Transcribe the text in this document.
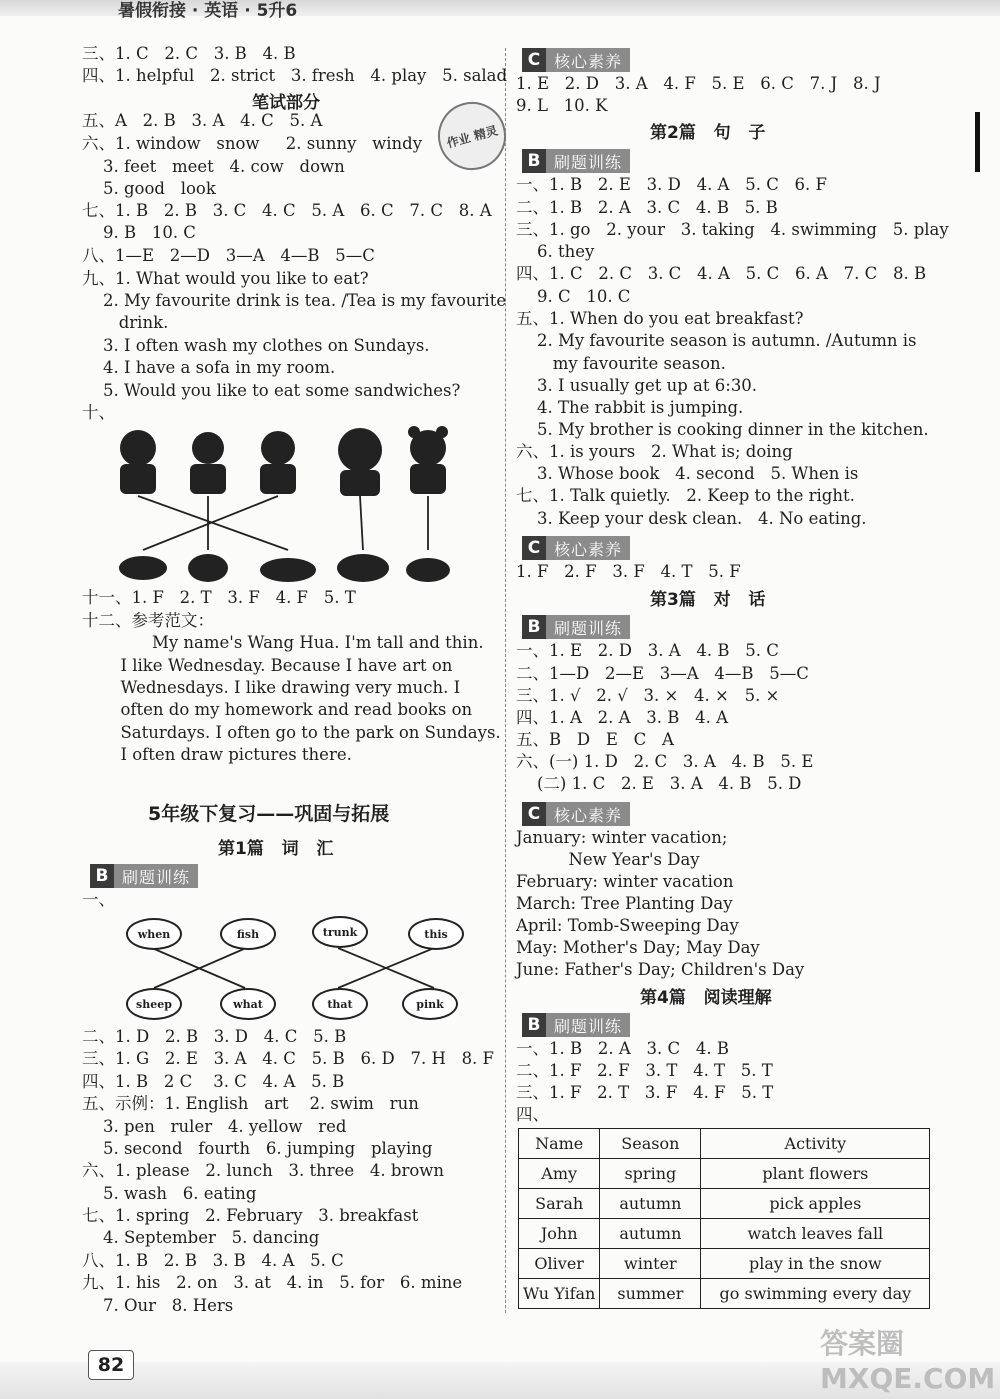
暑假衔接 · 英语 · 5升6
三、1. C   2. C   3. B   4. B
四、1. helpful   2. strict   3. fresh   4. play   5. salad
笔试部分
五、A   2. B   3. A   4. C   5. A
六、1. window   snow     2. sunny   windy
3. feet   meet   4. cow   down
5. good   look
七、1. B   2. B   3. C   4. C   5. A   6. C   7. C   8. A
9. B   10. C
八、1—E   2—D   3—A   4—B   5—C
九、1. What would you like to eat?
2. My favourite drink is tea. /Tea is my favourite
drink.
3. I often wash my clothes on Sundays.
4. I have a sofa in my room.
5. Would you like to eat some sandwiches?
十、
作业 精灵
十一、1. F   2. T   3. F   4. F   5. T
十二、参考范文：
My name's Wang Hua. I'm tall and thin.
I like Wednesday. Because I have art on
Wednesdays. I like drawing very much. I
often do my homework and read books on
Saturdays. I often go to the park on Sundays.
I often draw pictures there.
5年级下复习——巩固与拓展
第1篇   词   汇
B 刷题训练
一、
when	fish	trunk	this
sheep	what	that	pink
二、1. D   2. B   3. D   4. C   5. B
三、1. G   2. E   3. A   4. C   5. B   6. D   7. H   8. F
四、1. B   2 C    3. C   4. A   5. B
五、示例：1. English   art    2. swim   run
3. pen   ruler   4. yellow   red
5. second   fourth   6. jumping   playing
六、1. please   2. lunch   3. three   4. brown
5. wash   6. eating
七、1. spring   2. February   3. breakfast
4. September   5. dancing
八、1. B   2. B   3. B   4. A   5. C
九、1. his   2. on   3. at   4. in   5. for   6. mine
7. Our   8. Hers
C 核心素养
1. E   2. D   3. A   4. F   5. E   6. C   7. J   8. J
9. L   10. K
第2篇   句   子
B 刷题训练
一、1. B   2. E   3. D   4. A   5. C   6. F
二、1. B   2. A   3. C   4. B   5. B
三、1. go   2. your   3. taking   4. swimming   5. play
6. they
四、1. C   2. C   3. C   4. A   5. C   6. A   7. C   8. B
9. C   10. C
五、1. When do you eat breakfast?
2. My favourite season is autumn. /Autumn is
my favourite season.
3. I usually get up at 6:30.
4. The rabbit is jumping.
5. My brother is cooking dinner in the kitchen.
六、1. is yours   2. What is; doing
3. Whose book   4. second   5. When is
七、1. Talk quietly.   2. Keep to the right.
3. Keep your desk clean.   4. No eating.
C 核心素养
1. F   2. F   3. F   4. T   5. F
第3篇   对   话
B 刷题训练
一、1. E   2. D   3. A   4. B   5. C
二、1—D   2—E   3—A   4—B   5—C
三、1. √   2. √   3. ×   4. ×   5. ×
四、1. A   2. A   3. B   4. A
五、B   D   E   C   A
六、(一) 1. D   2. C   3. A   4. B   5. E
(二) 1. C   2. E   3. A   4. B   5. D
C 核心素养
January: winter vacation;
New Year's Day
February: winter vacation
March: Tree Planting Day
April: Tomb-Sweeping Day
May: Mother's Day; May Day
June: Father's Day; Children's Day
第4篇   阅读理解
B 刷题训练
一、1. B   2. A   3. C   4. B
二、1. F   2. F   3. T   4. T   5. T
三、1. F   2. T   3. F   4. F   5. T
四、
Name	Season	Activity
Amy	spring	plant flowers
Sarah	autumn	pick apples
John	autumn	watch leaves fall
Oliver	winter	play in the snow
Wu Yifan	summer	go swimming every day
82
答案圈 MXQE.COM
